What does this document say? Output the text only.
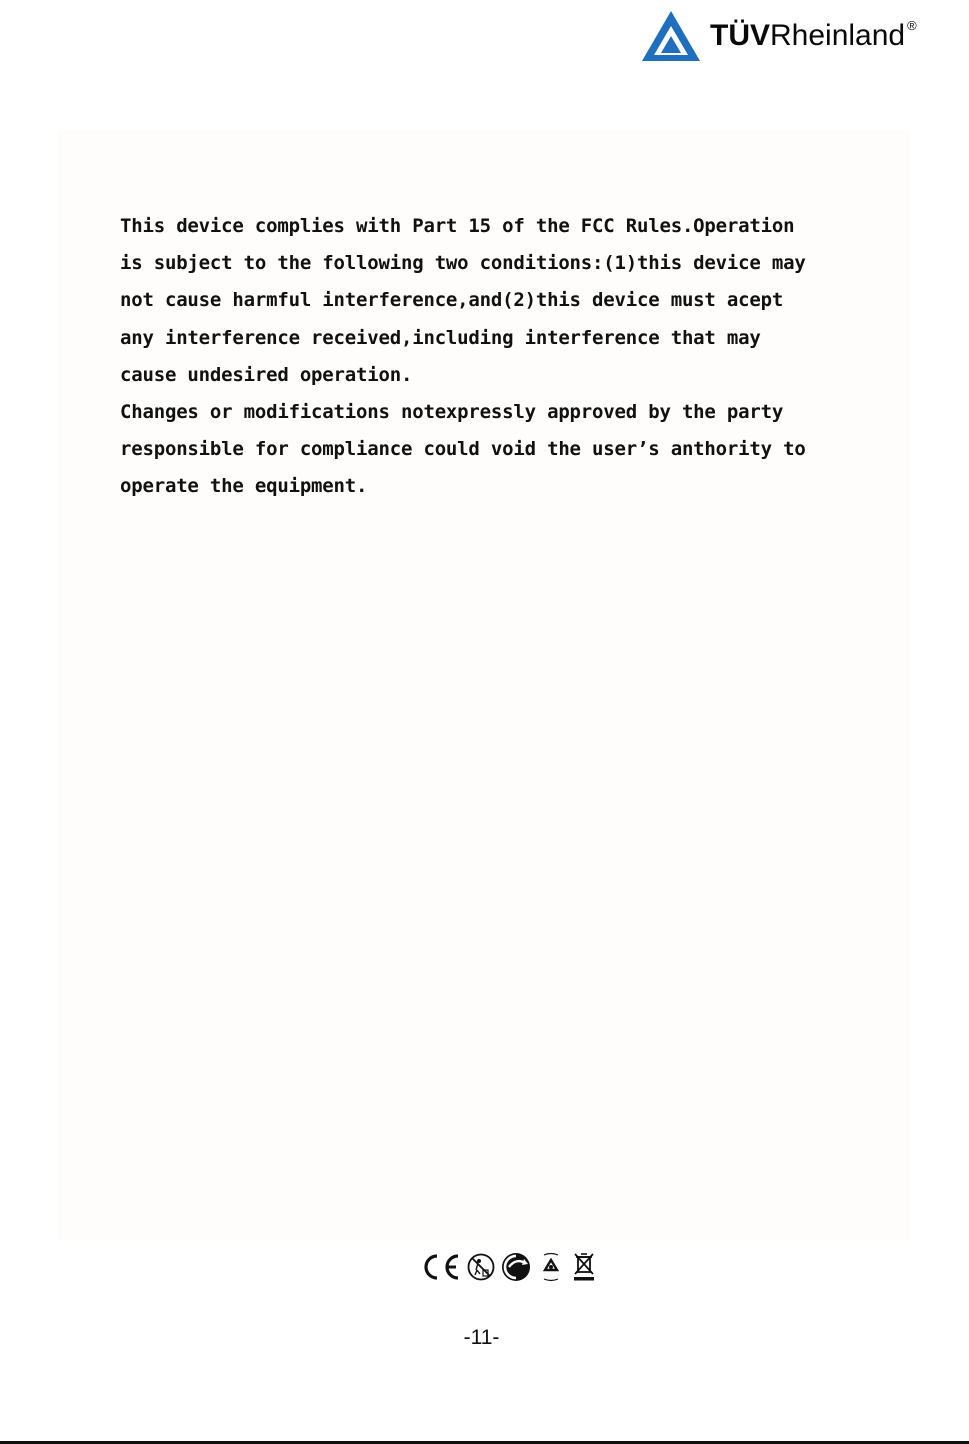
TÜVRheinland ®
This device complies with Part 15 of the FCC Rules.Operation
is subject to the following two conditions:(1)this device may
not cause harmful interference,and(2)this device must acept
any interference received,including interference that may
cause undesired operation.
Changes or modifications notexpressly approved by the party
responsible for compliance could void the user’s anthority to
operate the equipment.
-11-
